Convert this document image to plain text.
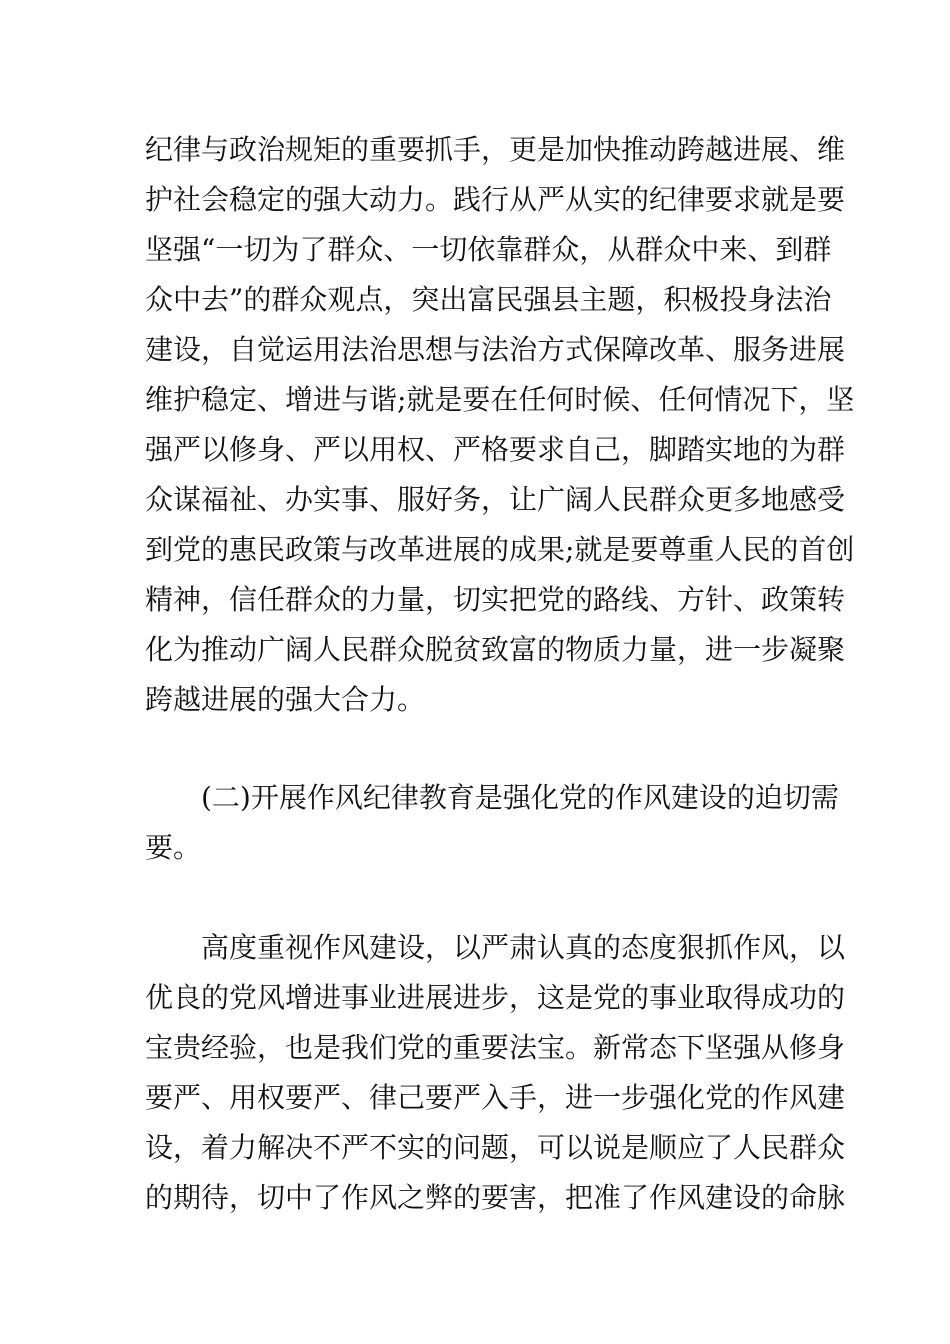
纪律与政治规矩的重要抓手，更是加快推动跨越进展、维
护社会稳定的强大动力。践行从严从实的纪律要求就是要
坚强“一切为了群众、一切依靠群众，从群众中来、到群
众中去”的群众观点，突出富民强县主题，积极投身法治
建设，自觉运用法治思想与法治方式保障改革、服务进展
维护稳定、增进与谐;就是要在任何时候、任何情况下，坚
强严以修身、严以用权、严格要求自己，脚踏实地的为群
众谋福祉、办实事、服好务，让广阔人民群众更多地感受
到党的惠民政策与改革进展的成果;就是要尊重人民的首创
精神，信任群众的力量，切实把党的路线、方针、政策转
化为推动广阔人民群众脱贫致富的物质力量，进一步凝聚
跨越进展的强大合力。
(二)开展作风纪律教育是强化党的作风建设的迫切需
要。
高度重视作风建设，以严肃认真的态度狠抓作风，以
优良的党风增进事业进展进步，这是党的事业取得成功的
宝贵经验，也是我们党的重要法宝。新常态下坚强从修身
要严、用权要严、律己要严入手，进一步强化党的作风建
设，着力解决不严不实的问题，可以说是顺应了人民群众
的期待，切中了作风之弊的要害，把准了作风建设的命脉
